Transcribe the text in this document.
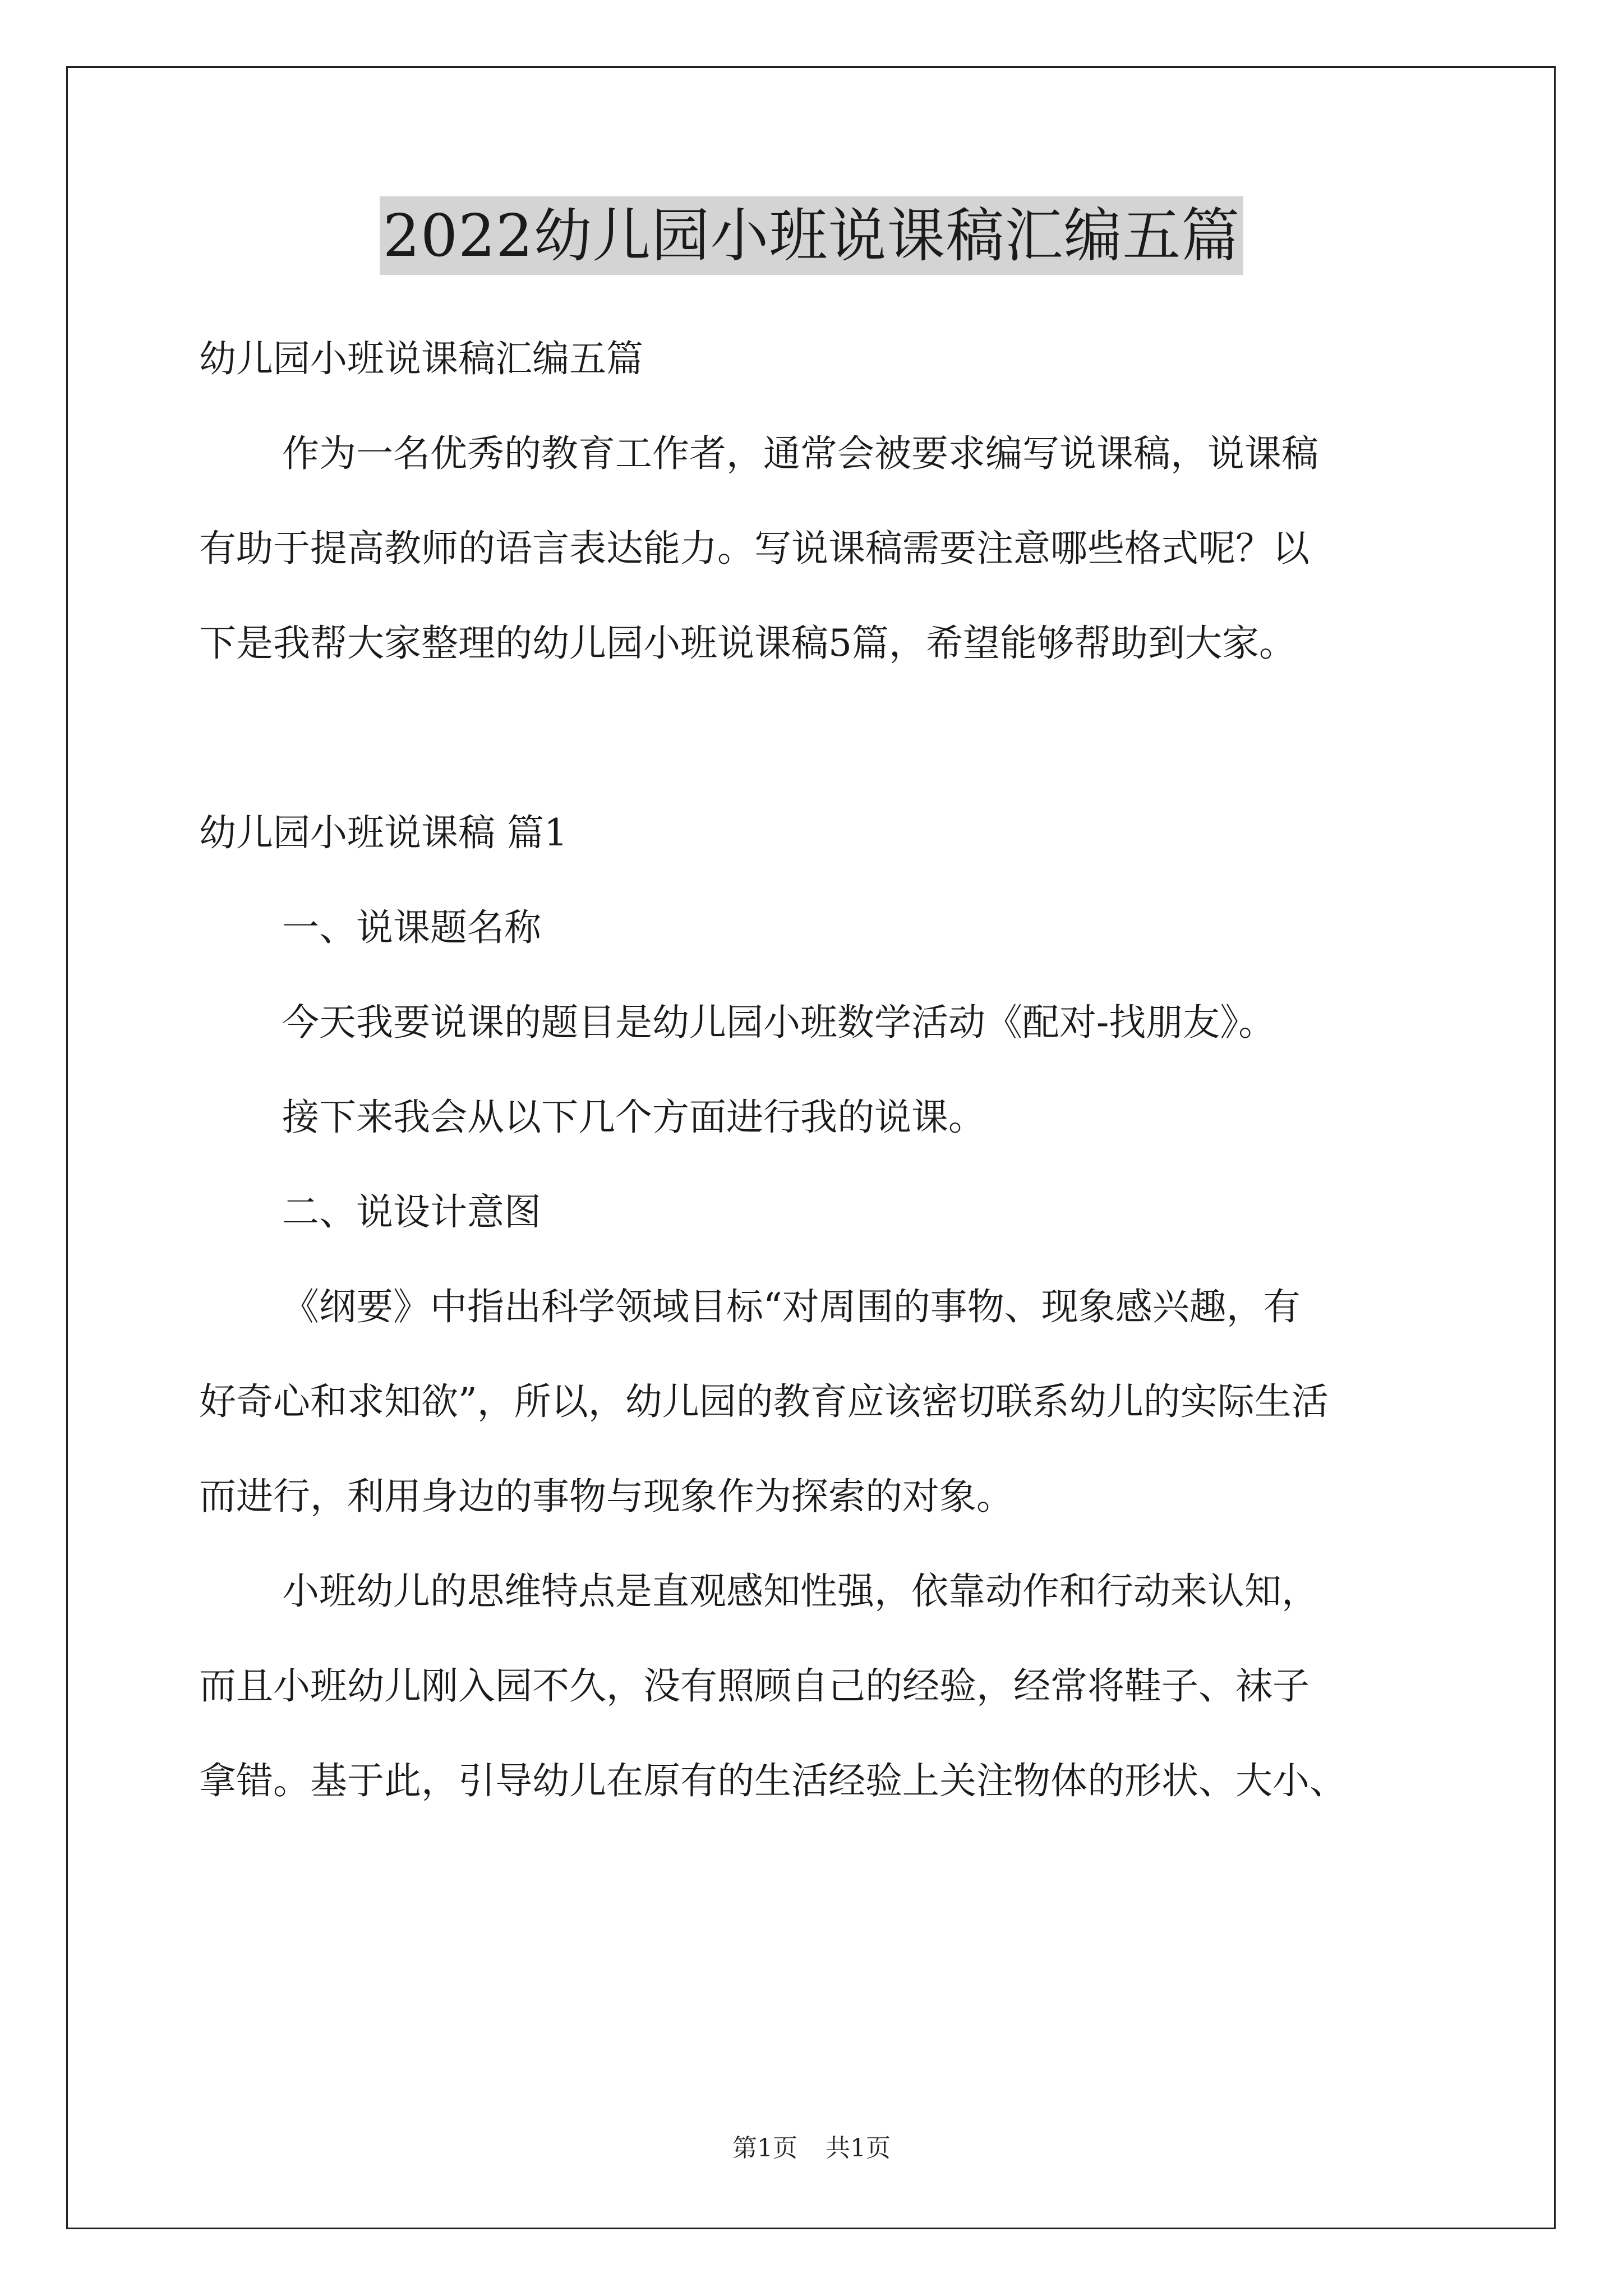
2022幼儿园小班说课稿汇编五篇

幼儿园小班说课稿汇编五篇

作为一名优秀的教育工作者，通常会被要求编写说课稿，说课稿

有助于提高教师的语言表达能力。写说课稿需要注意哪些格式呢？以

下是我帮大家整理的幼儿园小班说课稿5篇，希望能够帮助到大家。

幼儿园小班说课稿 篇1

一、说课题名称

今天我要说课的题目是幼儿园小班数学活动《配对-找朋友》。

接下来我会从以下几个方面进行我的说课。

二、说设计意图

《纲要》中指出科学领域目标“对周围的事物、现象感兴趣，有

好奇心和求知欲”，所以，幼儿园的教育应该密切联系幼儿的实际生活

而进行，利用身边的事物与现象作为探索的对象。

小班幼儿的思维特点是直观感知性强，依靠动作和行动来认知，

而且小班幼儿刚入园不久，没有照顾自己的经验，经常将鞋子、袜子

拿错。基于此，引导幼儿在原有的生活经验上关注物体的形状、大小、

第1页 共1页
